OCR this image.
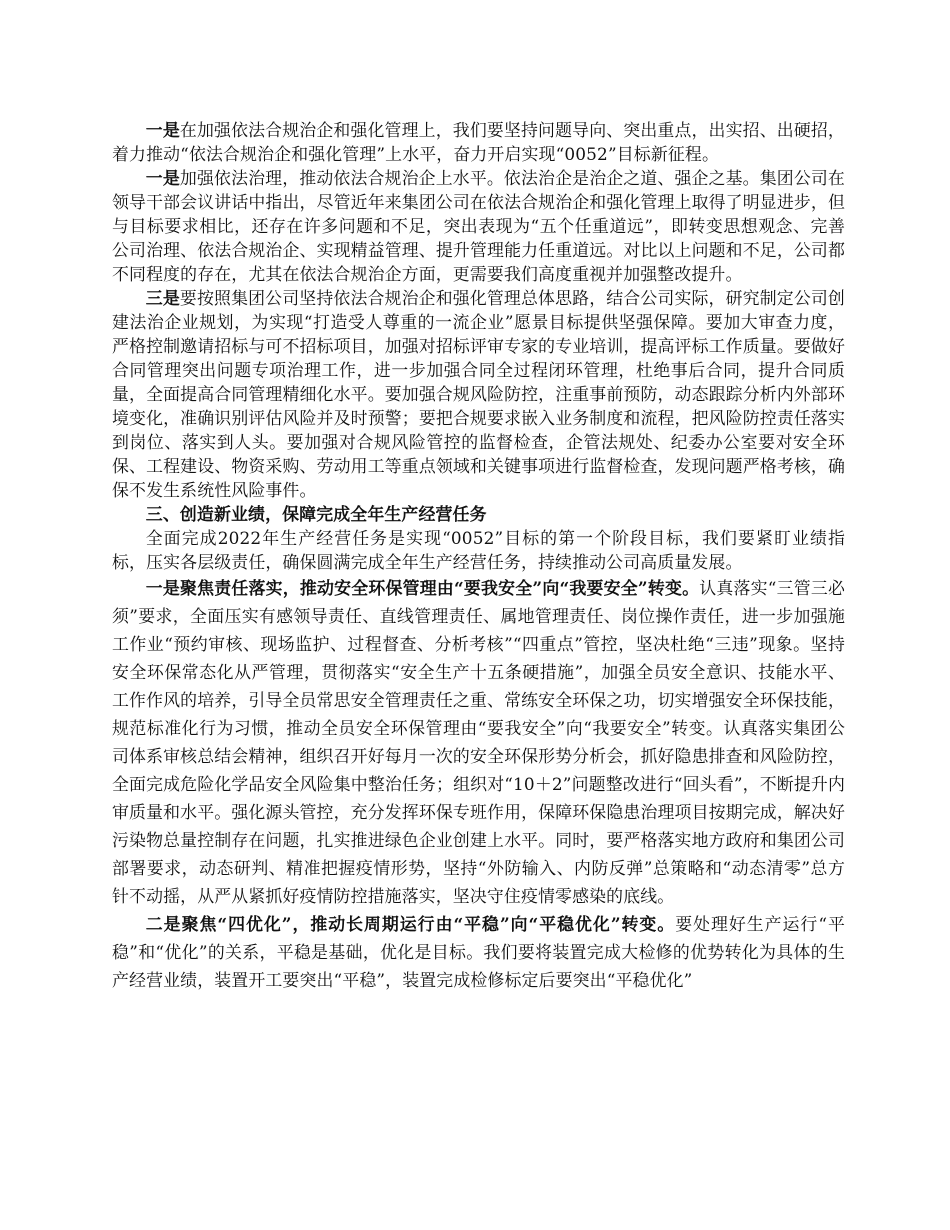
一是在加强依法合规治企和强化管理上，我们要坚持问题导向、突出重点，出实招、出硬招，着力推动“依法合规治企和强化管理”上水平，奋力开启实现“0052”目标新征程。

一是加强依法治理，推动依法合规治企上水平。依法治企是治企之道、强企之基。集团公司在领导干部会议讲话中指出，尽管近年来集团公司在依法合规治企和强化管理上取得了明显进步，但与目标要求相比，还存在许多问题和不足，突出表现为“五个任重道远”，即转变思想观念、完善公司治理、依法合规治企、实现精益管理、提升管理能力任重道远。对比以上问题和不足，公司都不同程度的存在，尤其在依法合规治企方面，更需要我们高度重视并加强整改提升。

三是要按照集团公司坚持依法合规治企和强化管理总体思路，结合公司实际，研究制定公司创建法治企业规划，为实现“打造受人尊重的一流企业”愿景目标提供坚强保障。要加大审查力度，严格控制邀请招标与可不招标项目，加强对招标评审专家的专业培训，提高评标工作质量。要做好合同管理突出问题专项治理工作，进一步加强合同全过程闭环管理，杜绝事后合同，提升合同质量，全面提高合同管理精细化水平。要加强合规风险防控，注重事前预防，动态跟踪分析内外部环境变化，准确识别评估风险并及时预警；要把合规要求嵌入业务制度和流程，把风险防控责任落实到岗位、落实到人头。要加强对合规风险管控的监督检查，企管法规处、纪委办公室要对安全环保、工程建设、物资采购、劳动用工等重点领域和关键事项进行监督检查，发现问题严格考核，确保不发生系统性风险事件。

三、创造新业绩，保障完成全年生产经营任务

全面完成2022年生产经营任务是实现“0052”目标的第一个阶段目标，我们要紧盯业绩指标，压实各层级责任，确保圆满完成全年生产经营任务，持续推动公司高质量发展。

一是聚焦责任落实，推动安全环保管理由“要我安全”向“我要安全”转变。认真落实“三管三必须”要求，全面压实有感领导责任、直线管理责任、属地管理责任、岗位操作责任，进一步加强施工作业“预约审核、现场监护、过程督查、分析考核”“四重点”管控，坚决杜绝“三违”现象。坚持安全环保常态化从严管理，贯彻落实“安全生产十五条硬措施”，加强全员安全意识、技能水平、工作作风的培养，引导全员常思安全管理责任之重、常练安全环保之功，切实增强安全环保技能，规范标准化行为习惯，推动全员安全环保管理由“要我安全”向“我要安全”转变。认真落实集团公司体系审核总结会精神，组织召开好每月一次的安全环保形势分析会，抓好隐患排查和风险防控，全面完成危险化学品安全风险集中整治任务；组织对“10＋2”问题整改进行“回头看”，不断提升内审质量和水平。强化源头管控，充分发挥环保专班作用，保障环保隐患治理项目按期完成，解决好污染物总量控制存在问题，扎实推进绿色企业创建上水平。同时，要严格落实地方政府和集团公司部署要求，动态研判、精准把握疫情形势，坚持“外防输入、内防反弹”总策略和“动态清零”总方针不动摇，从严从紧抓好疫情防控措施落实，坚决守住疫情零感染的底线。

二是聚焦“四优化”，推动长周期运行由“平稳”向“平稳优化”转变。要处理好生产运行“平稳”和“优化”的关系，平稳是基础，优化是目标。我们要将装置完成大检修的优势转化为具体的生产经营业绩，装置开工要突出“平稳”，装置完成检修标定后要突出“平稳优化”
